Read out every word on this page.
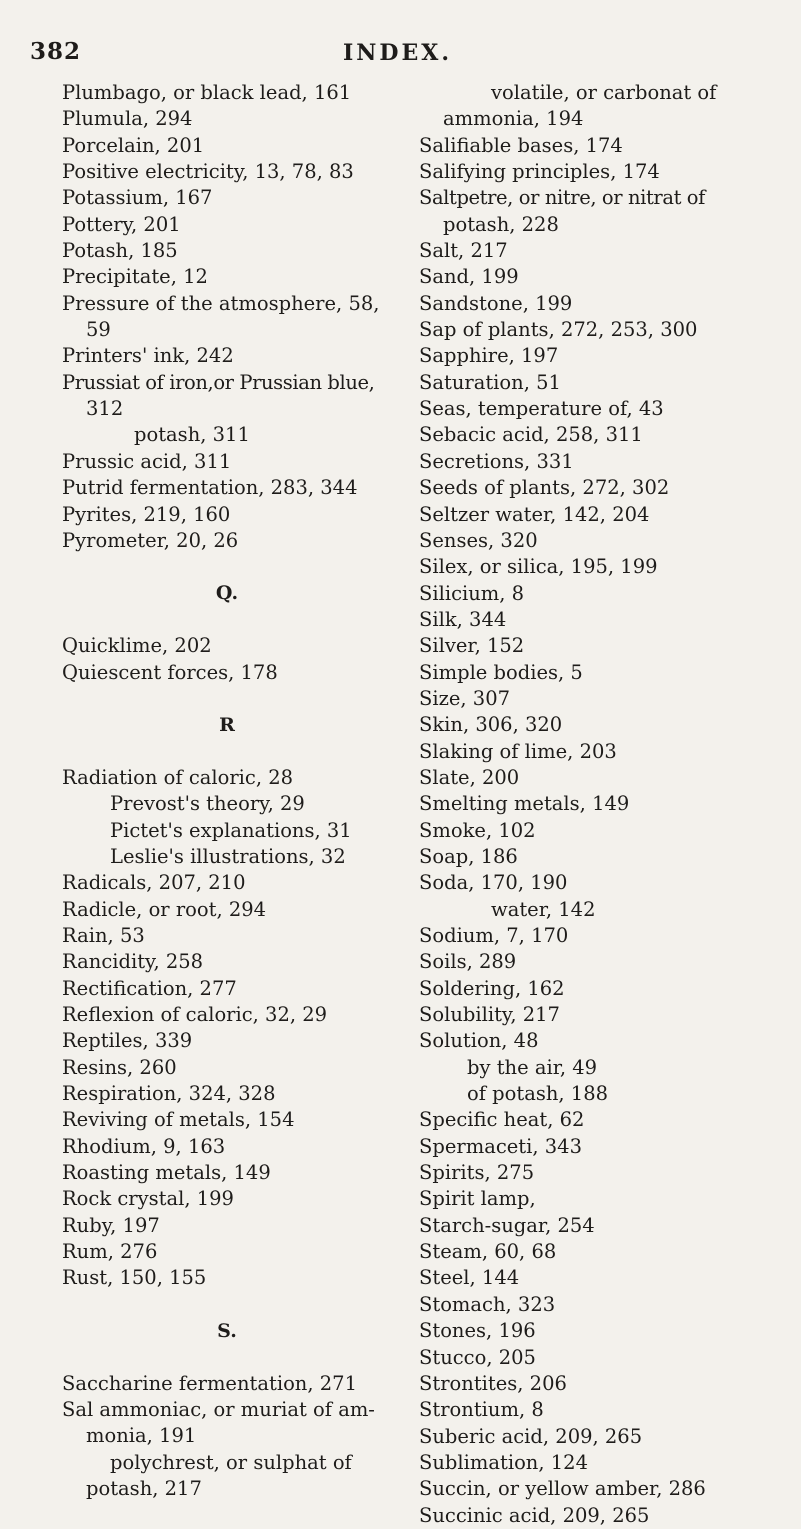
382	INDEX.
Plumbago, or black lead, 161
Plumula, 294
Porcelain, 201
Positive electricity, 13, 78, 83
Potassium, 167
Pottery, 201
Potash, 185
Precipitate, 12
Pressure of the atmosphere, 58,
59
Printers' ink, 242
Prussiat of iron,or Prussian blue,
312
potash, 311
Prussic acid, 311
Putrid fermentation, 283, 344
Pyrites, 219, 160
Pyrometer, 20, 26
Q.
Quicklime, 202
Quiescent forces, 178
R
Radiation of caloric, 28
Prevost's theory, 29
Pictet's explanations, 31
Leslie's illustrations, 32
Radicals, 207, 210
Radicle, or root, 294
Rain, 53
Rancidity, 258
Rectification, 277
Reflexion of caloric, 32, 29
Reptiles, 339
Resins, 260
Respiration, 324, 328
Reviving of metals, 154
Rhodium, 9, 163
Roasting metals, 149
Rock crystal, 199
Ruby, 197
Rum, 276
Rust, 150, 155
S.
Saccharine fermentation, 271
Sal ammoniac, or muriat of am-
monia, 191
polychrest, or sulphat of
potash, 217
volatile, or carbonat of
ammonia, 194
Salifiable bases, 174
Salifying principles, 174
Saltpetre, or nitre, or nitrat of
potash, 228
Salt, 217
Sand, 199
Sandstone, 199
Sap of plants, 272, 253, 300
Sapphire, 197
Saturation, 51
Seas, temperature of, 43
Sebacic acid, 258, 311
Secretions, 331
Seeds of plants, 272, 302
Seltzer water, 142, 204
Senses, 320
Silex, or silica, 195, 199
Silicium, 8
Silk, 344
Silver, 152
Simple bodies, 5
Size, 307
Skin, 306, 320
Slaking of lime, 203
Slate, 200
Smelting metals, 149
Smoke, 102
Soap, 186
Soda, 170, 190
water, 142
Sodium, 7, 170
Soils, 289
Soldering, 162
Solubility, 217
Solution, 48
by the air, 49
of potash, 188
Specific heat, 62
Spermaceti, 343
Spirits, 275
Spirit lamp,
Starch-sugar, 254
Steam, 60, 68
Steel, 144
Stomach, 323
Stones, 196
Stucco, 205
Strontites, 206
Strontium, 8
Suberic acid, 209, 265
Sublimation, 124
Succin, or yellow amber, 286
Succinic acid, 209, 265
